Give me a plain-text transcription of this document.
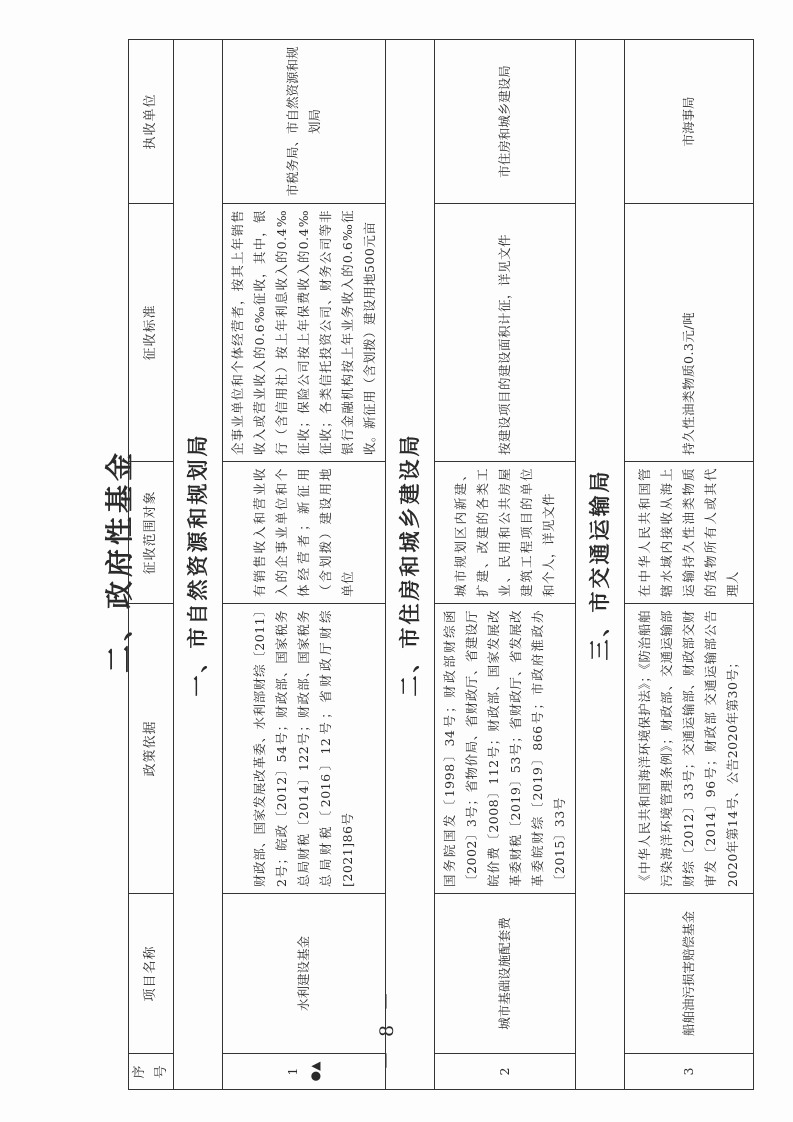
－ 8 －
二、政府性基金
序号	项目名称	政策依据	征收范围对象	征收标准	执收单位
一、市自然资源和规划局					

1 ●▲	水利建设基金	财政部、国家发展改革委、水利部财综〔2011〕2号；皖政〔2012〕54号；财政部、国家税务总局财税〔2014〕122号；财政部、国家税务总局财税〔2016〕12号；省财政厅财综[2021]86号	有销售收入和营业收入的企事业单位和个体经营者；新征用（含划拨）建设用地单位	企事业单位和个体经营者，按其上年销售收入或营业收入的0.6‰征收，其中，银行（含信用社）按上年利息收入的0.4‰征收；保险公司按上年保费收入的0.4‰征收；各类信托投资公司、财务公司等非银行金融机构按上年业务收入的0.6‰征收。新征用（含划拨）建设用地500元亩	市税务局、市自然资源和规划局
二、市住房和城乡建设局					
2	城市基础设施配套费	国务院国发〔1998〕34号；财政部财综函〔2002〕3号；省物价局、省财政厅、省建设厅皖价费〔2008〕112号；财政部、国家发展改革委财税〔2019〕53号；省财政厅、省发展改革委皖财综〔2019〕866号；市政府淮政办〔2015〕33号	城市规划区内新建、扩建、改建的各类工业、民用和公共房屋建筑工程项目的单位和个人，详见文件	按建设项目的建设面积计征，详见文件	市住房和城乡建设局
三、市交通运输局					
3	船舶油污损害赔偿基金	《中华人民共和国海洋环境保护法》；《防治船舶污染海洋环境管理条例》；财政部、交通运输部财综〔2012〕33号；交通运输部、财政部交财审发〔2014〕96号；财政部 交通运输部公告2020年第14号、公告2020年第30号；	在中华人民共和国管辖水域内接收从海上运输持久性油类物质的货物所有人或其代理人	持久性油类物质0.3元/吨	市海事局
